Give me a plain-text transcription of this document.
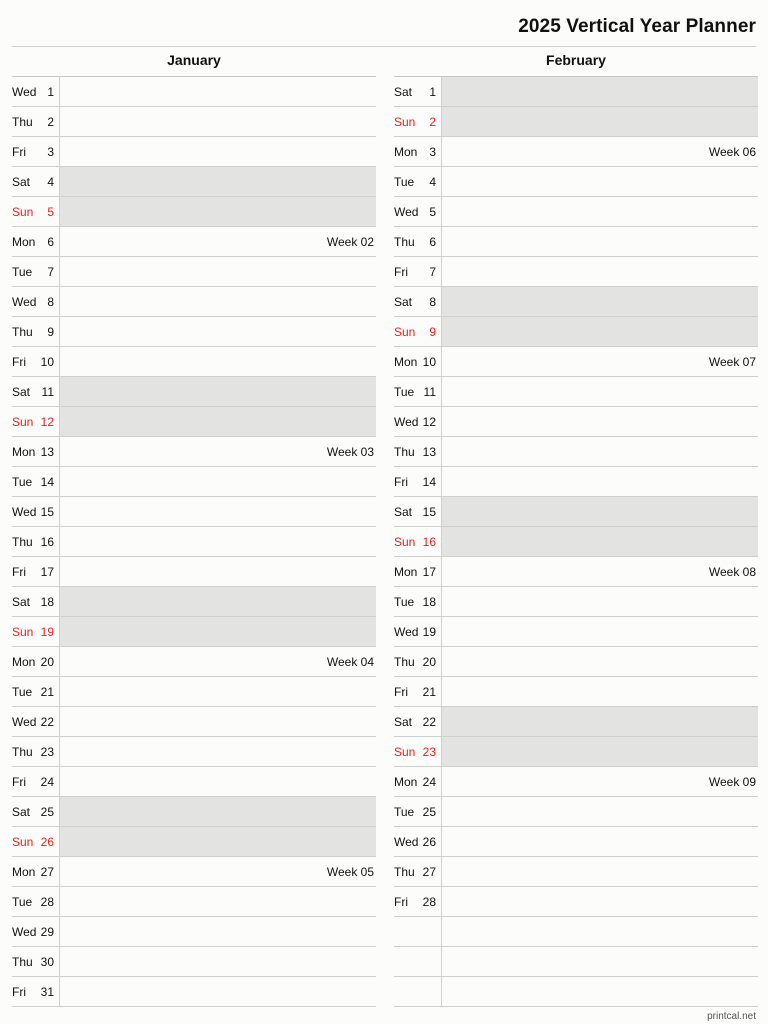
2025 Vertical Year Planner
January
Wed 1
Thu	2
Fri	3
Sat	4
Sun	5
Mon 6	Week 02
Tue	7
Wed 8
Thu	9
Fri	10
Sat 11
Sun 12
Mon 13	Week 03
Tue 14
Wed 15
Thu 16
Fri	17
Sat 18
Sun 19
Mon 20	Week 04
Tue 21
Wed 22
Thu 23
Fri	24
Sat 25
Sun 26
Mon 27	Week 05
Tue 28
Wed 29
Thu 30
Fri	31
February
Sat	1
Sun	2
Mon 3	Week 06
Tue	4
Wed 5
Thu	6
Fri	7
Sat	8
Sun	9
Mon 10	Week 07
Tue 11
Wed 12
Thu 13
Fri	14
Sat 15
Sun 16
Mon 17	Week 08
Tue 18
Wed 19
Thu 20
Fri	21
Sat 22
Sun 23
Mon 24	Week 09
Tue 25
Wed 26
Thu 27
Fri	28
printcal.net
